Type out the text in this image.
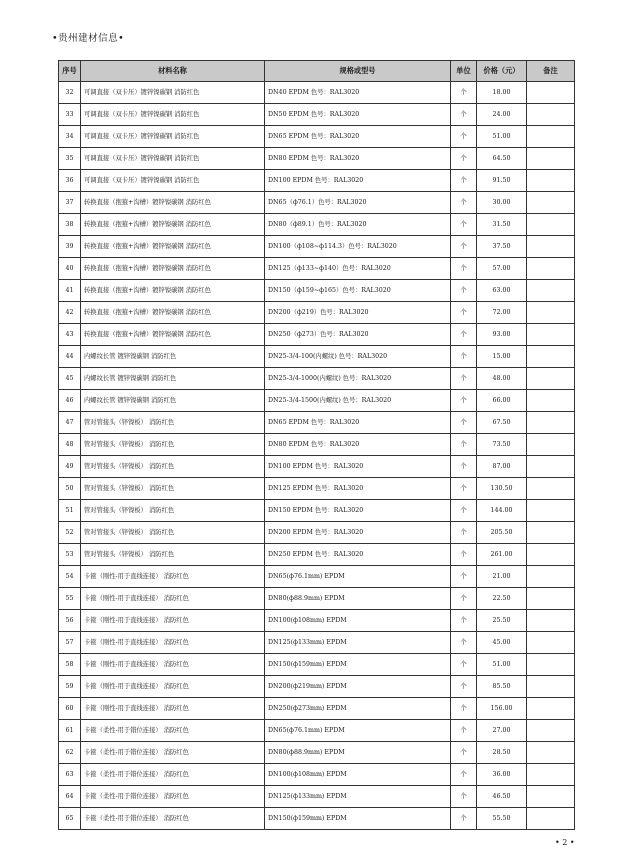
•贵州建材信息•
序号	材料名称	规格或型号	单位	价格（元）	备注
32	可调直接（双卡压）镀锌镍碳钢 消防红色	DN40 EPDM 色号：RAL3020	个	18.00	
33	可调直接（双卡压）镀锌镍碳钢 消防红色	DN50 EPDM 色号：RAL3020	个	24.00	
34	可调直接（双卡压）镀锌镍碳钢 消防红色	DN65 EPDM 色号：RAL3020	个	51.00	
35	可调直接（双卡压）镀锌镍碳钢 消防红色	DN80 EPDM 色号：RAL3020	个	64.50	
36	可调直接（双卡压）镀锌镍碳钢 消防红色	DN100 EPDM 色号：RAL3020	个	91.50	
37	转换直接（抱箍+沟槽）镀锌镍碳钢 消防红色	DN65（ф76.1）色号：RAL3020	个	30.00	
38	转换直接（抱箍+沟槽）镀锌镍碳钢 消防红色	DN80（ф89.1）色号：RAL3020	个	31.50	
39	转换直接（抱箍+沟槽）镀锌镍碳钢 消防红色	DN100（ф108~ф114.3）色号：RAL3020	个	37.50	
40	转换直接（抱箍+沟槽）镀锌镍碳钢 消防红色	DN125（ф133~ф140）色号：RAL3020	个	57.00	
41	转换直接（抱箍+沟槽）镀锌镍碳钢 消防红色	DN150（ф159~ф165）色号：RAL3020	个	63.00	
42	转换直接（抱箍+沟槽）镀锌镍碳钢 消防红色	DN200（ф219）色号：RAL3020	个	72.00	
43	转换直接（抱箍+沟槽）镀锌镍碳钢 消防红色	DN250（ф273）色号：RAL3020	个	93.00	
44	内螺纹长管 镀锌镍碳钢 消防红色	DN25-3/4-100(内螺纹) 色号：RAL3020	个	15.00	
45	内螺纹长管 镀锌镍碳钢 消防红色	DN25-3/4-1000(内螺纹) 色号：RAL3020	个	48.00	
46	内螺纹长管 镀锌镍碳钢 消防红色	DN25-3/4-1500(内螺纹) 色号：RAL3020	个	66.00	
47	管对管接头（锌镍板） 消防红色	DN65 EPDM 色号：RAL3020	个	67.50	
48	管对管接头（锌镍板） 消防红色	DN80 EPDM 色号：RAL3020	个	73.50	
49	管对管接头（锌镍板） 消防红色	DN100 EPDM 色号：RAL3020	个	87.00	
50	管对管接头（锌镍板） 消防红色	DN125 EPDM 色号：RAL3020	个	130.50	
51	管对管接头（锌镍板） 消防红色	DN150 EPDM 色号：RAL3020	个	144.00	
52	管对管接头（锌镍板） 消防红色	DN200 EPDM 色号：RAL3020	个	205.50	
53	管对管接头（锌镍板） 消防红色	DN250 EPDM 色号：RAL3020	个	261.00	
54	卡箍（刚性-用于直线连接） 消防红色	DN65(ф76.1mm) EPDM	个	21.00	
55	卡箍（刚性-用于直线连接） 消防红色	DN80(ф88.9mm) EPDM	个	22.50	
56	卡箍（刚性-用于直线连接） 消防红色	DN100(ф108mm) EPDM	个	25.50	
57	卡箍（刚性-用于直线连接） 消防红色	DN125(ф133mm) EPDM	个	45.00	
58	卡箍（刚性-用于直线连接） 消防红色	DN150(ф159mm) EPDM	个	51.00	
59	卡箍（刚性-用于直线连接） 消防红色	DN200(ф219mm) EPDM	个	85.50	
60	卡箍（刚性-用于直线连接） 消防红色	DN250(ф273mm) EPDM	个	156.00	
61	卡箍（柔性-用于错位连接） 消防红色	DN65(ф76.1mm) EPDM	个	27.00	
62	卡箍（柔性-用于错位连接） 消防红色	DN80(ф88.9mm) EPDM	个	28.50	
63	卡箍（柔性-用于错位连接） 消防红色	DN100(ф108mm) EPDM	个	36.00	
64	卡箍（柔性-用于错位连接） 消防红色	DN125(ф133mm) EPDM	个	46.50	
65	卡箍（柔性-用于错位连接） 消防红色	DN150(ф159mm) EPDM	个	55.50	
• 2 •
